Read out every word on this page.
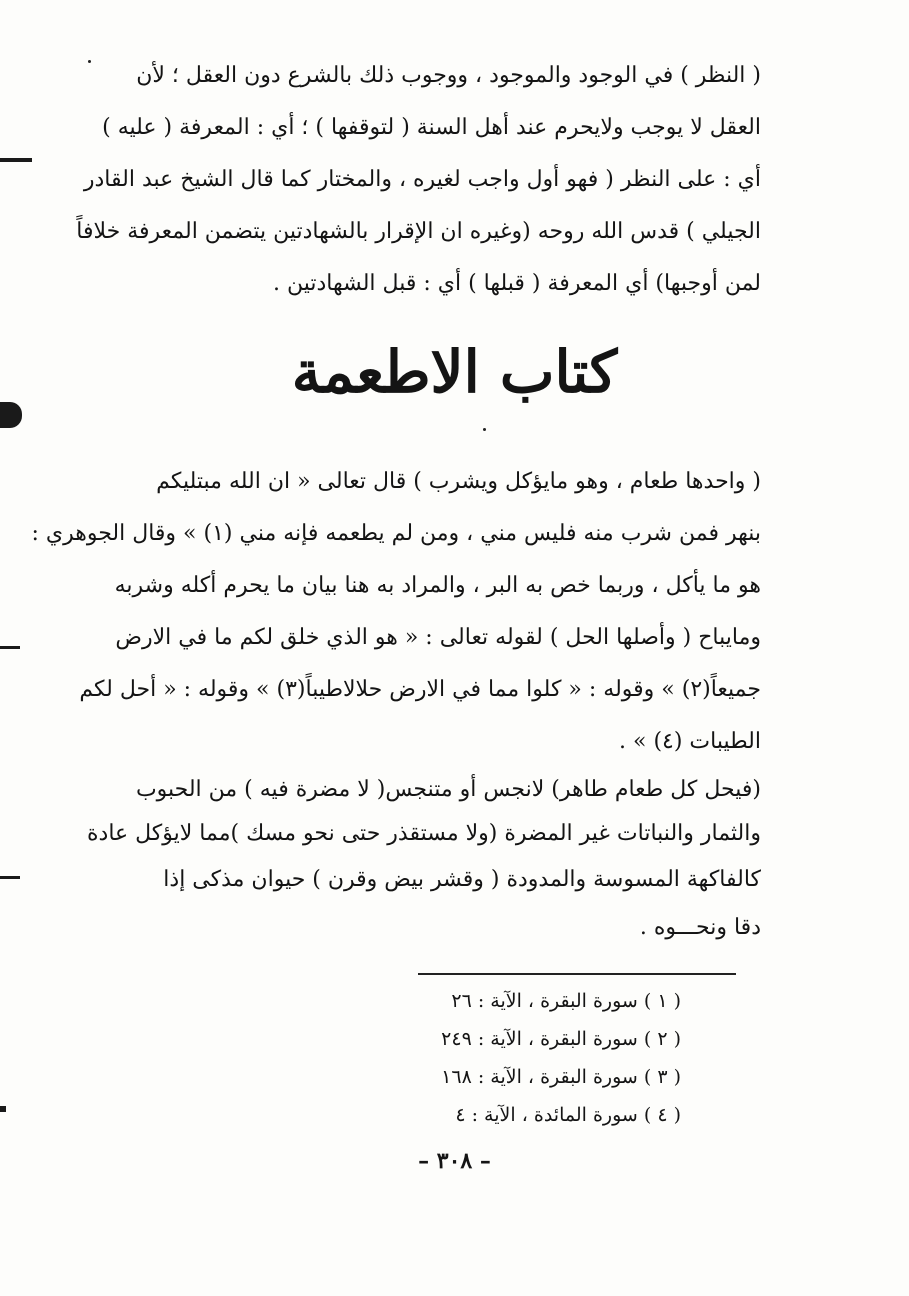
( النظر ) في الوجود والموجود ، ووجوب ذلك بالشرع دون العقل ؛ لأن
العقل لا يوجب ولايحرم عند أهل السنة ( لتوقفها ) ؛ أي : المعرفة ( عليه )
أي : على النظر ( فهو أول واجب لغيره ، والمختار كما قال الشيخ عبد القادر
الجيلي ) قدس الله روحه (وغيره ان الإقرار بالشهادتين يتضمن المعرفة خلافاً
لمن أوجبها) أي المعرفة ( قبلها ) أي : قبل الشهادتين .
كتاب الاطعمة
( واحدها طعام ، وهو مايؤكل ويشرب ) قال تعالى « ان الله مبتليكم
بنهر فمن شرب منه فليس مني ، ومن لم يطعمه فإنه مني (١) » وقال الجوهري :
هو ما يأكل ، وربما خص به البر ، والمراد به هنا بيان ما يحرم أكله وشربه
ومايباح ( وأصلها الحل ) لقوله تعالى : « هو الذي خلق لكم ما في الارض
جميعاً(٢) » وقوله : « كلوا مما في الارض حلالاطيباً(٣) » وقوله : « أحل لكم
الطيبات (٤) » .
(فيحل كل طعام طاهر) لانجس أو متنجس( لا مضرة فيه ) من الحبوب
والثمار والنباتات غير المضرة (ولا مستقذر حتى نحو مسك )مما لايؤكل عادة
كالفاكهة المسوسة والمدودة ( وقشر بيض وقرن ) حيوان مذكى إذا
دقا ونحـــوه .
( ١ ) سورة البقرة ، الآية : ٢٦
( ٢ ) سورة البقرة ، الآية : ٢٤٩
( ٣ ) سورة البقرة ، الآية : ١٦٨
( ٤ ) سورة المائدة ، الآية : ٤
– ٣٠٨ –
